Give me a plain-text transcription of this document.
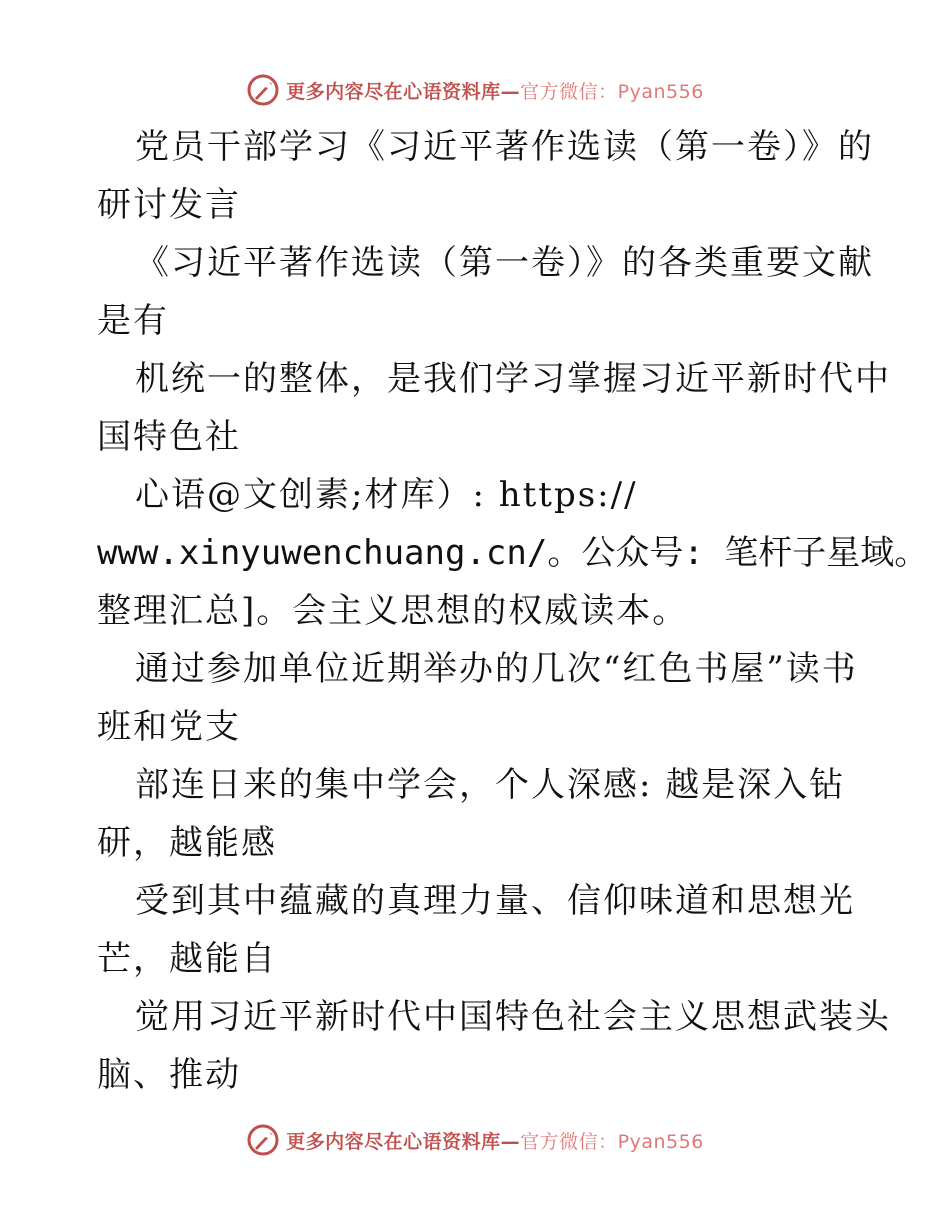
更多内容尽在心语资料库—官方微信：Pyan556
党员干部学习《习近平著作选读（第一卷）》的
研讨发言
《习近平著作选读（第一卷）》的各类重要文献
是有
机统一的整体，是我们学习掌握习近平新时代中
国特色社
心语@文创素;材库）: https://
www.xinyuwenchuang.cn/。公众号: 笔杆子星域。
整理汇总]。会主义思想的权威读本。
通过参加单位近期举办的几次“红色书屋”读书
班和党支
部连日来的集中学会，个人深感: 越是深入钻
研，越能感
受到其中蕴藏的真理力量、信仰味道和思想光
芒，越能自
觉用习近平新时代中国特色社会主义思想武装头
脑、推动
更多内容尽在心语资料库—官方微信：Pyan556
